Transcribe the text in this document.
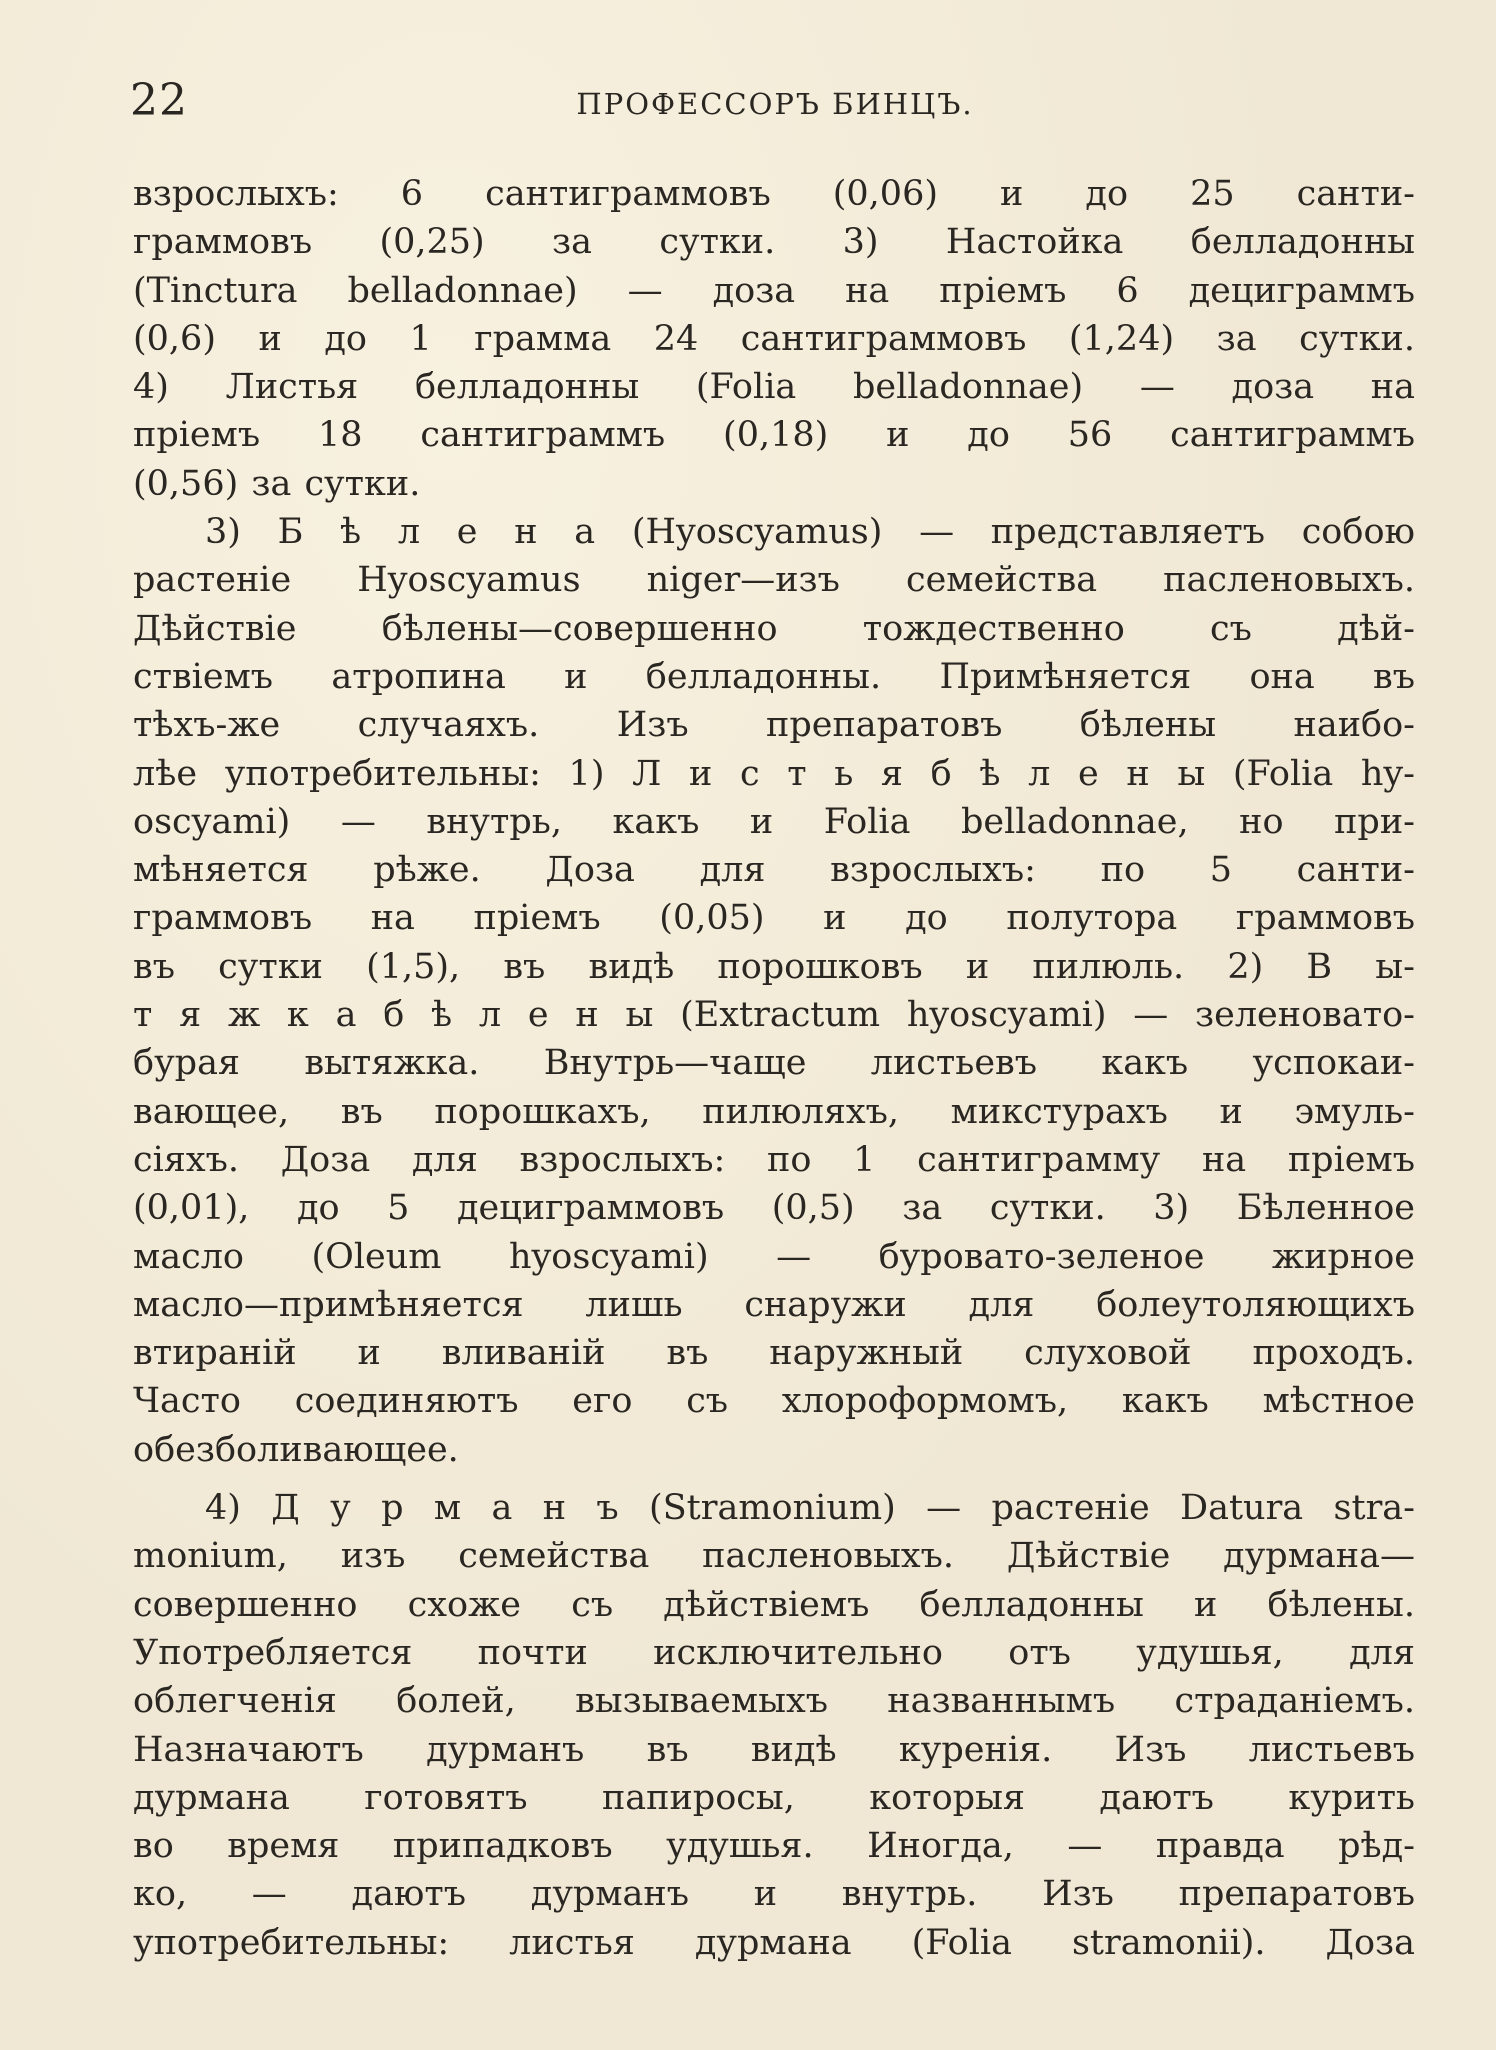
22	ПРОФЕССОРЪ БИНЦЪ.
взрослыхъ: 6 сантиграммовъ (0,06) и до 25 санти-
граммовъ (0,25) за сутки. 3) Настойка белладонны
(Tinctura belladonnae) — доза на пріемъ 6 дециграммъ
(0,6) и до 1 грамма 24 сантиграммовъ (1,24) за сутки.
4) Листья белладонны (Folia belladonnae) — доза на
пріемъ 18 сантиграммъ (0,18) и до 56 сантиграммъ
(0,56) за сутки.
3) Б ѣ л е н а (Hyoscyamus) — представляетъ собою
растеніе Hyoscyamus niger—изъ семейства пасленовыхъ.
Дѣйствіе бѣлены—совершенно тождественно съ дѣй-
ствіемъ атропина и белладонны. Примѣняется она въ
тѣхъ-же случаяхъ. Изъ препаратовъ бѣлены наибо-
лѣе употребительны: 1) Л и с т ь я б ѣ л е н ы (Folia hy-
oscyami) — внутрь, какъ и Folia belladonnae, но при-
мѣняется рѣже. Доза для взрослыхъ: по 5 санти-
граммовъ на пріемъ (0,05) и до полутора граммовъ
въ сутки (1,5), въ видѣ порошковъ и пилюль. 2) В ы-
т я ж к а б ѣ л е н ы (Extractum hyoscyami) — зеленовато-
бурая вытяжка. Внутрь—чаще листьевъ какъ успокаи-
вающее, въ порошкахъ, пилюляхъ, микстурахъ и эмуль-
сіяхъ. Доза для взрослыхъ: по 1 сантиграмму на пріемъ
(0,01), до 5 дециграммовъ (0,5) за сутки. 3) Бѣленное
масло (Oleum hyoscyami) — буровато-зеленое жирное
масло—примѣняется лишь снаружи для болеутоляющихъ
втираній и вливаній въ наружный слуховой проходъ.
Часто соединяютъ его съ хлороформомъ, какъ мѣстное
обезболивающее.
4) Д у р м а н ъ (Stramonium) — растеніе Datura stra-
monium, изъ семейства пасленовыхъ. Дѣйствіе дурмана—
совершенно схоже съ дѣйствіемъ белладонны и бѣлены.
Употребляется почти исключительно отъ удушья, для
облегченія болей, вызываемыхъ названнымъ страданіемъ.
Назначаютъ дурманъ въ видѣ куренія. Изъ листьевъ
дурмана готовятъ папиросы, которыя даютъ курить
во время припадковъ удушья. Иногда, — правда рѣд-
ко, — даютъ дурманъ и внутрь. Изъ препаратовъ
употребительны: листья дурмана (Folia stramonii). Доза
